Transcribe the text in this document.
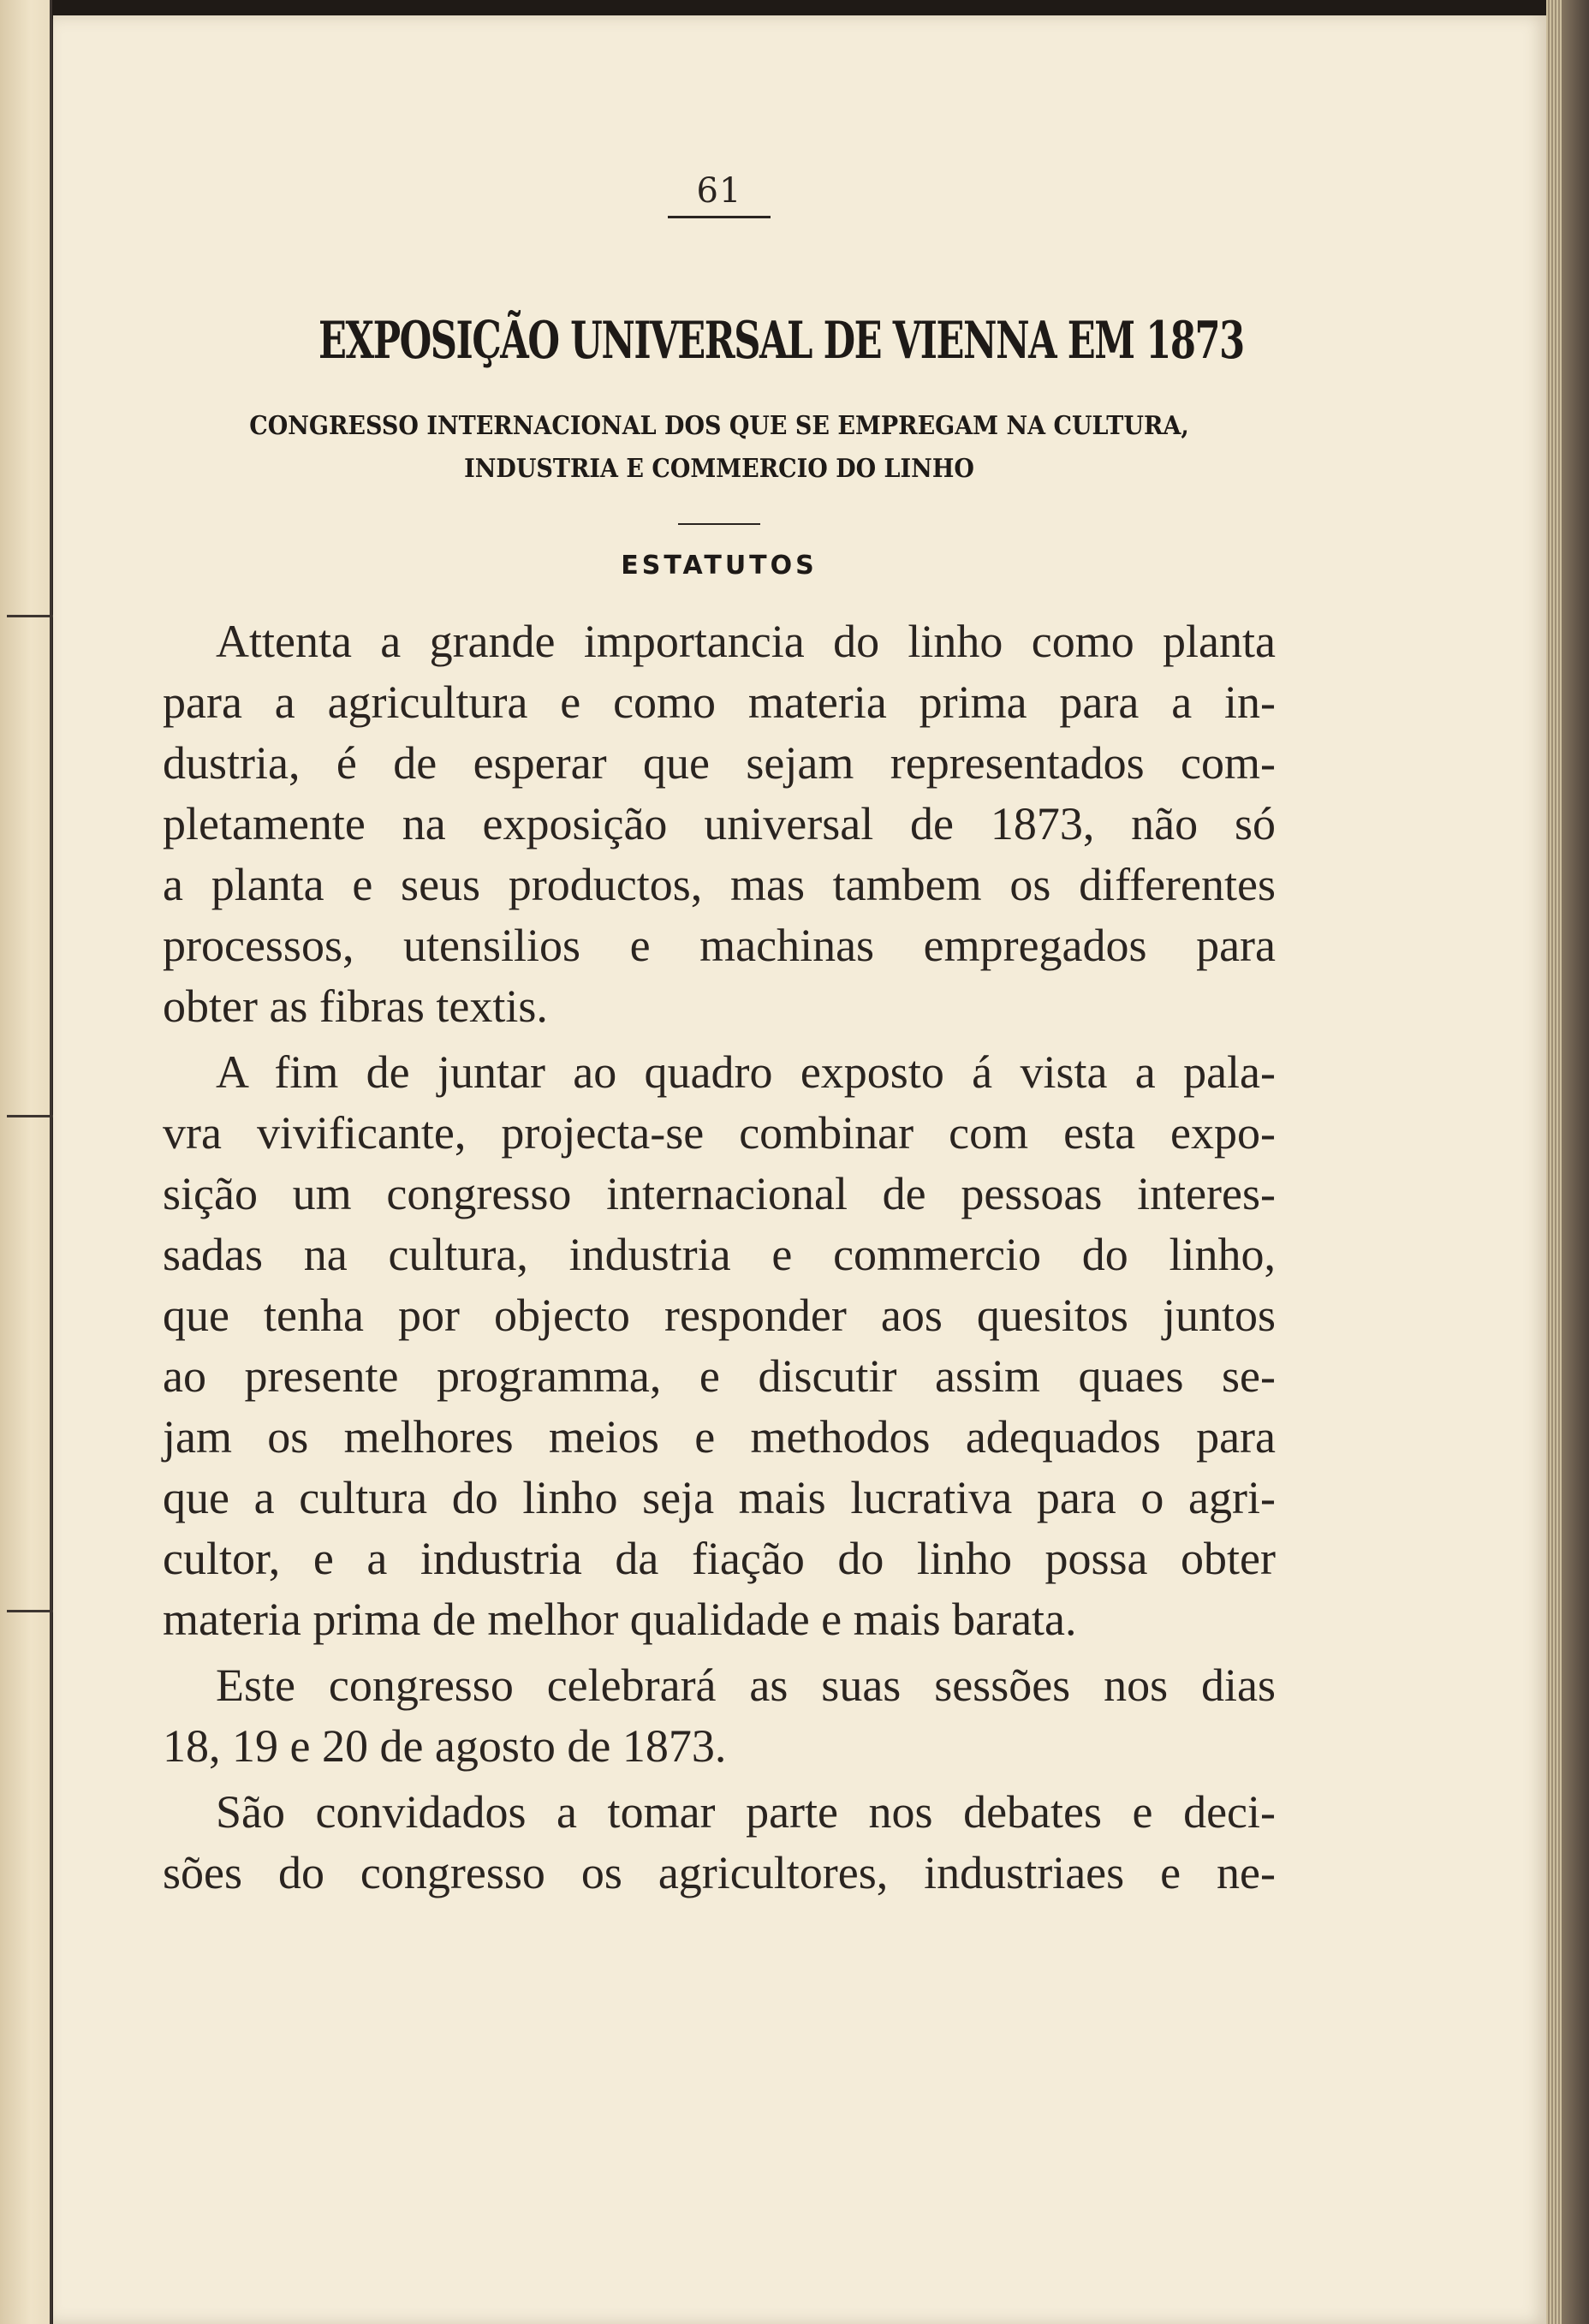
61
EXPOSIÇÃO UNIVERSAL DE VIENNA EM 1873
CONGRESSO INTERNACIONAL DOS QUE SE EMPREGAM NA CULTURA,
INDUSTRIA E COMMERCIO DO LINHO
ESTATUTOS
Attenta a grande importancia do linho como planta
para a agricultura e como materia prima para a in-
dustria, é de esperar que sejam representados com-
pletamente na exposição universal de 1873, não só
a planta e seus productos, mas tambem os differentes
processos, utensilios e machinas empregados para
obter as fibras textis.
A fim de juntar ao quadro exposto á vista a pala-
vra vivificante, projecta-se combinar com esta expo-
sição um congresso internacional de pessoas interes-
sadas na cultura, industria e commercio do linho,
que tenha por objecto responder aos quesitos juntos
ao presente programma, e discutir assim quaes se-
jam os melhores meios e methodos adequados para
que a cultura do linho seja mais lucrativa para o agri-
cultor, e a industria da fiação do linho possa obter
materia prima de melhor qualidade e mais barata.
Este congresso celebrará as suas sessões nos dias
18, 19 e 20 de agosto de 1873.
São convidados a tomar parte nos debates e deci-
sões do congresso os agricultores, industriaes e ne-
